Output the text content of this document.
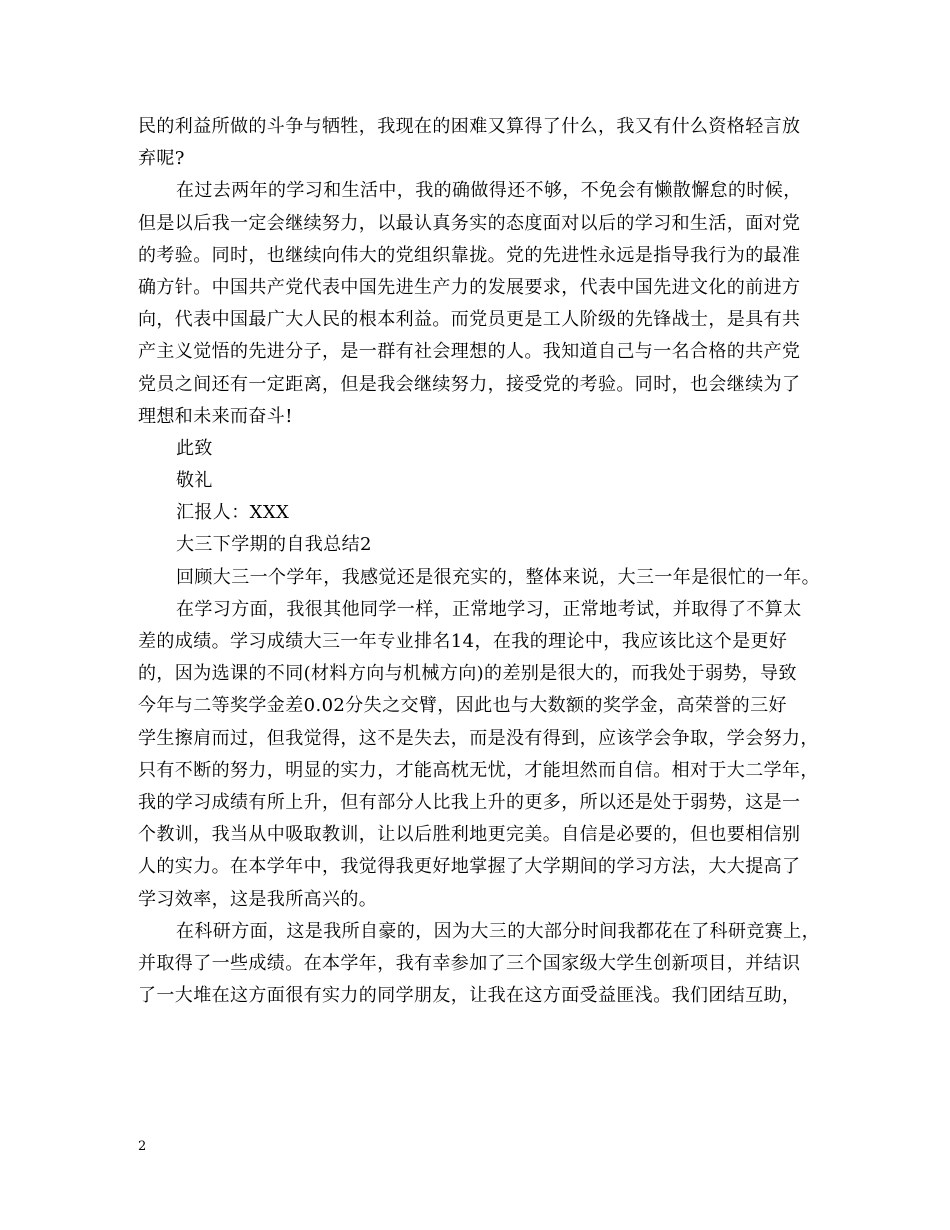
民的利益所做的斗争与牺牲，我现在的困难又算得了什么，我又有什么资格轻言放
弃呢?
在过去两年的学习和生活中，我的确做得还不够，不免会有懒散懈怠的时候，
但是以后我一定会继续努力，以最认真务实的态度面对以后的学习和生活，面对党
的考验。同时，也继续向伟大的党组织靠拢。党的先进性永远是指导我行为的最准
确方针。中国共产党代表中国先进生产力的发展要求，代表中国先进文化的前进方
向，代表中国最广大人民的根本利益。而党员更是工人阶级的先锋战士，是具有共
产主义觉悟的先进分子，是一群有社会理想的人。我知道自己与一名合格的共产党
党员之间还有一定距离，但是我会继续努力，接受党的考验。同时，也会继续为了
理想和未来而奋斗!
此致
敬礼
汇报人：XXX
大三下学期的自我总结2
回顾大三一个学年，我感觉还是很充实的，整体来说，大三一年是很忙的一年。
在学习方面，我很其他同学一样，正常地学习，正常地考试，并取得了不算太
差的成绩。学习成绩大三一年专业排名14，在我的理论中，我应该比这个是更好
的，因为选课的不同(材料方向与机械方向)的差别是很大的，而我处于弱势，导致
今年与二等奖学金差0.02分失之交臂，因此也与大数额的奖学金，高荣誉的三好
学生擦肩而过，但我觉得，这不是失去，而是没有得到，应该学会争取，学会努力，
只有不断的努力，明显的实力，才能高枕无忧，才能坦然而自信。相对于大二学年，
我的学习成绩有所上升，但有部分人比我上升的更多，所以还是处于弱势，这是一
个教训，我当从中吸取教训，让以后胜利地更完美。自信是必要的，但也要相信别
人的实力。在本学年中，我觉得我更好地掌握了大学期间的学习方法，大大提高了
学习效率，这是我所高兴的。
在科研方面，这是我所自豪的，因为大三的大部分时间我都花在了科研竞赛上，
并取得了一些成绩。在本学年，我有幸参加了三个国家级大学生创新项目，并结识
了一大堆在这方面很有实力的同学朋友，让我在这方面受益匪浅。我们团结互助，
2
